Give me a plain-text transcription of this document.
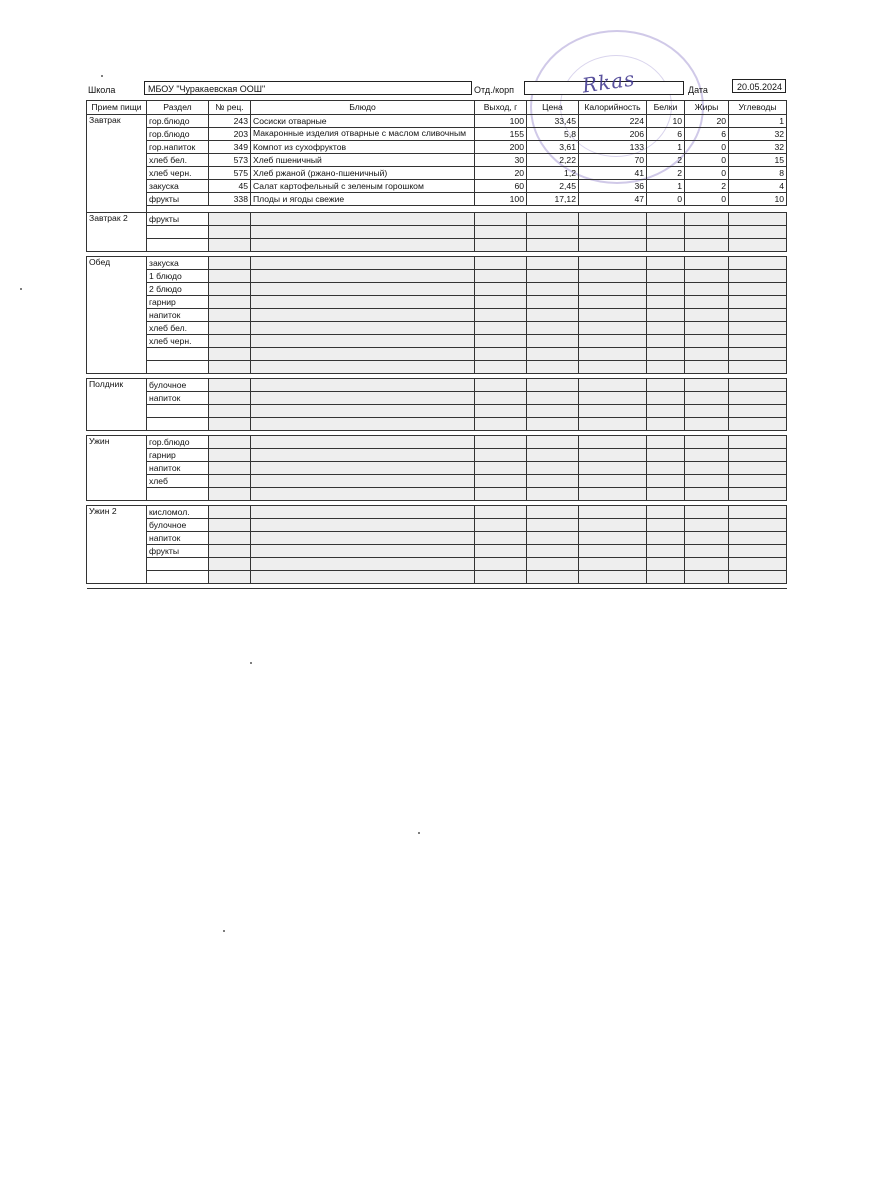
Школа	МБОУ "Чуракаевская ООШ"	Отд./корп	Дата	20.05.2024
Rkas
Прием пищи	Раздел	№ рец.	Блюдо	Выход, г	Цена	Калорийность	Белки	Жиры	Углеводы
Завтрак	гор.блюдо	243	Сосиски отварные	100	33,45	224	10	20	1
	гор.блюдо	203	Макаронные изделия отварные с маслом сливочным	155	5,8	206	6	6	32
	гор.напиток	349	Компот из сухофруктов	200	3,61	133	1	0	32
	хлеб бел.	573	Хлеб пшеничный	30	2,22	70	2	0	15
	хлеб черн.	575	Хлеб ржаной (ржано-пшеничный)	20	1,2	41	2	0	8
	закуска	45	Салат картофельный с зеленым горошком	60	2,45	36	1	2	4
	фрукты	338	Плоды и ягоды свежие	100	17,12	47	0	0	10

Завтрак 2	фрукты								

Обед	закуска								
	1 блюдо								
	2 блюдо								
	гарнир								
	напиток								
	хлеб бел.								
	хлеб черн.								

Полдник	булочное								
	напиток								

Ужин	гор.блюдо								
	гарнир								
	напиток								
	хлеб								

Ужин 2	кисломол.								
	булочное								
	напиток								
	фрукты								
